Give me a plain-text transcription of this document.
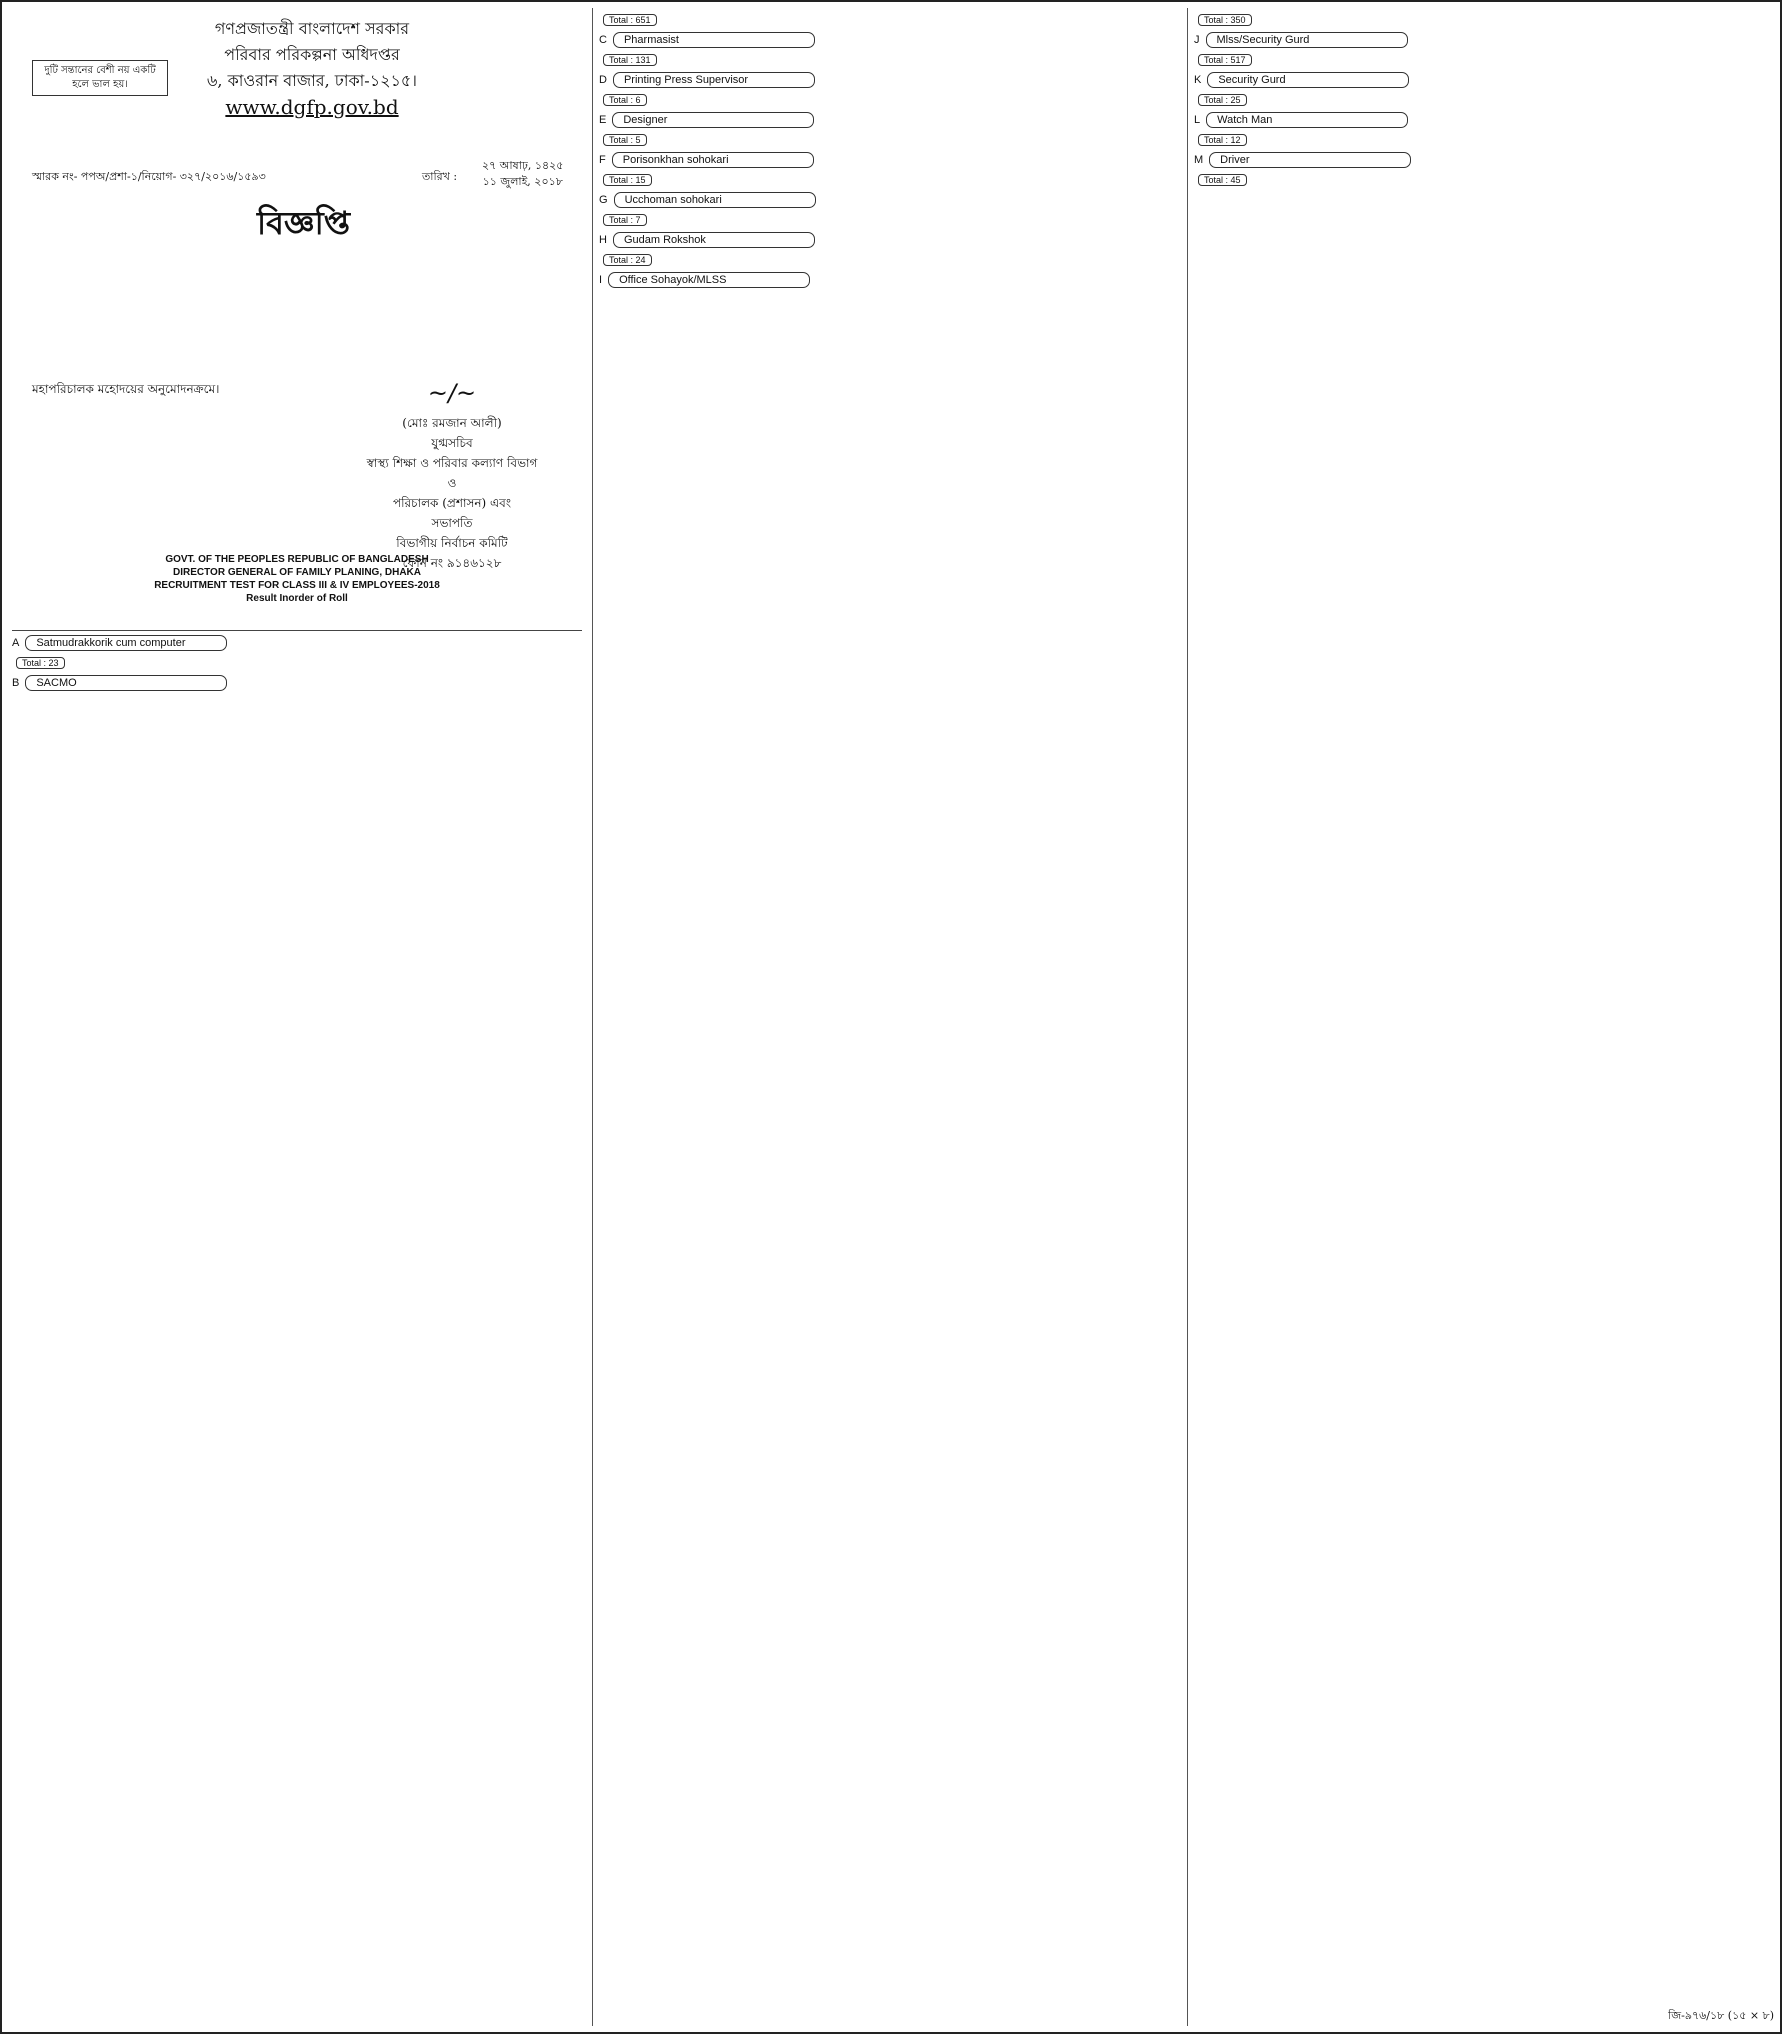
গণপ্রজাতন্ত্রী বাংলাদেশ সরকার
পরিবার পরিকল্পনা অধিদপ্তর
৬, কাওরান বাজার, ঢাকা-১২১৫।
www.dgfp.gov.bd
দুটি সন্তানের বেশী নয় একটি হলে ভাল হয়।
স্মারক নং- পপঅ/প্রশা-১/নিয়োগ- ৩২৭/২০১৬/১৫৯৩	তারিখ :
২৭ আষাঢ়, ১৪২৫
১১ জুলাই, ২০১৮
বিজ্ঞপ্তি
মহাপরিচালক মহোদয়ের অনুমোদনক্রমে।	~/~
(মোঃ রমজান আলী)
যুগ্মসচিব
স্বাস্থ্য শিক্ষা ও পরিবার কল্যাণ বিভাগ
ও
পরিচালক (প্রশাসন) এবং
সভাপতি
বিভাগীয় নির্বাচন কমিটি
ফোন নং ৯১৪৬১২৮
GOVT. OF THE PEOPLES REPUBLIC OF BANGLADESH
DIRECTOR GENERAL OF FAMILY PLANING, DHAKA
RECRUITMENT TEST FOR CLASS III & IV EMPLOYEES-2018
Result Inorder of Roll
A	Satmudrakkorik cum computer
Total : 23
B	SACMO
Total : 651
C	Pharmasist
Total : 131
D	Printing Press Supervisor
Total : 6
E	Designer
Total : 5
F	Porisonkhan sohokari
Total : 15
G	Ucchoman sohokari
Total : 7
H	Gudam Rokshok
Total : 24
I	Office Sohayok/MLSS
Total : 350
J	Mlss/Security Gurd
Total : 517
K	Security Gurd
Total : 25
L	Watch Man
Total : 12
M	Driver
Total : 45
জি-৯৭৬/১৮ (১৫ × ৮)
